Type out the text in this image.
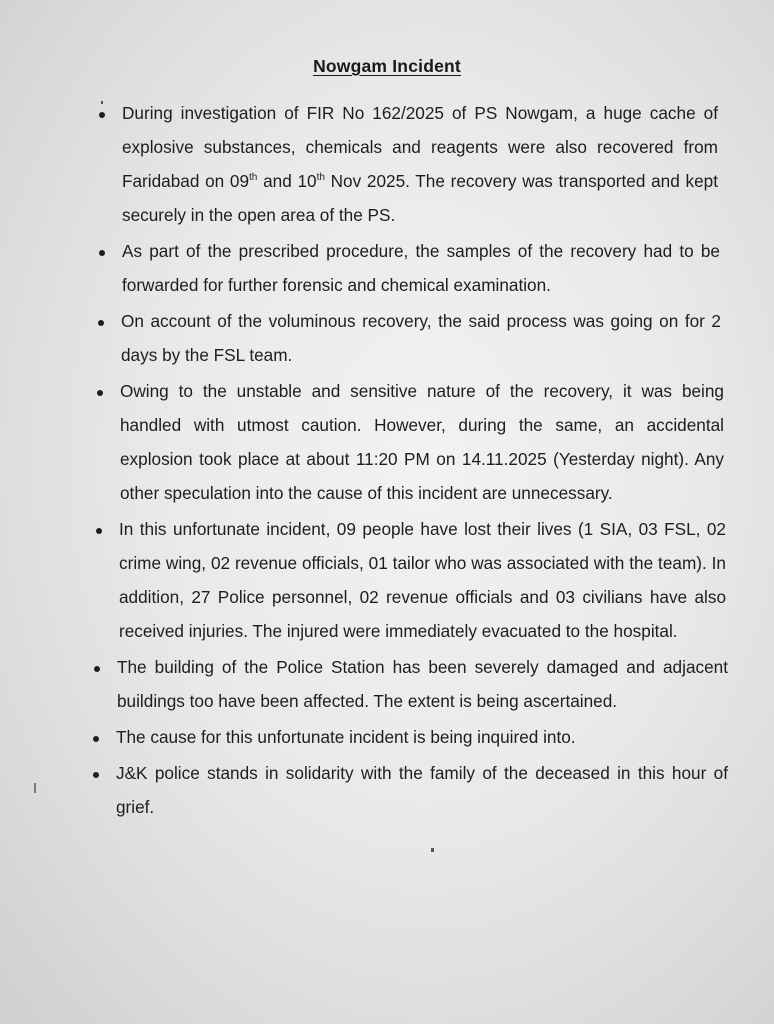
Nowgam Incident
During investigation of FIR No 162/2025 of PS Nowgam, a huge cache of explosive substances, chemicals and reagents were also recovered from Faridabad on 09th and 10th Nov 2025. The recovery was transported and kept securely in the open area of the PS.
As part of the prescribed procedure, the samples of the recovery had to be forwarded for further forensic and chemical examination.
On account of the voluminous recovery, the said process was going on for 2 days by the FSL team.
Owing to the unstable and sensitive nature of the recovery, it was being handled with utmost caution. However, during the same, an accidental explosion took place at about 11:20 PM on 14.11.2025 (Yesterday night). Any other speculation into the cause of this incident are unnecessary.
In this unfortunate incident, 09 people have lost their lives (1 SIA, 03 FSL, 02 crime wing, 02 revenue officials, 01 tailor who was associated with the team). In addition, 27 Police personnel, 02 revenue officials and 03 civilians have also received injuries. The injured were immediately evacuated to the hospital.
The building of the Police Station has been severely damaged and adjacent buildings too have been affected. The extent is being ascertained.
The cause for this unfortunate incident is being inquired into.
J&K police stands in solidarity with the family of the deceased in this hour of grief.
